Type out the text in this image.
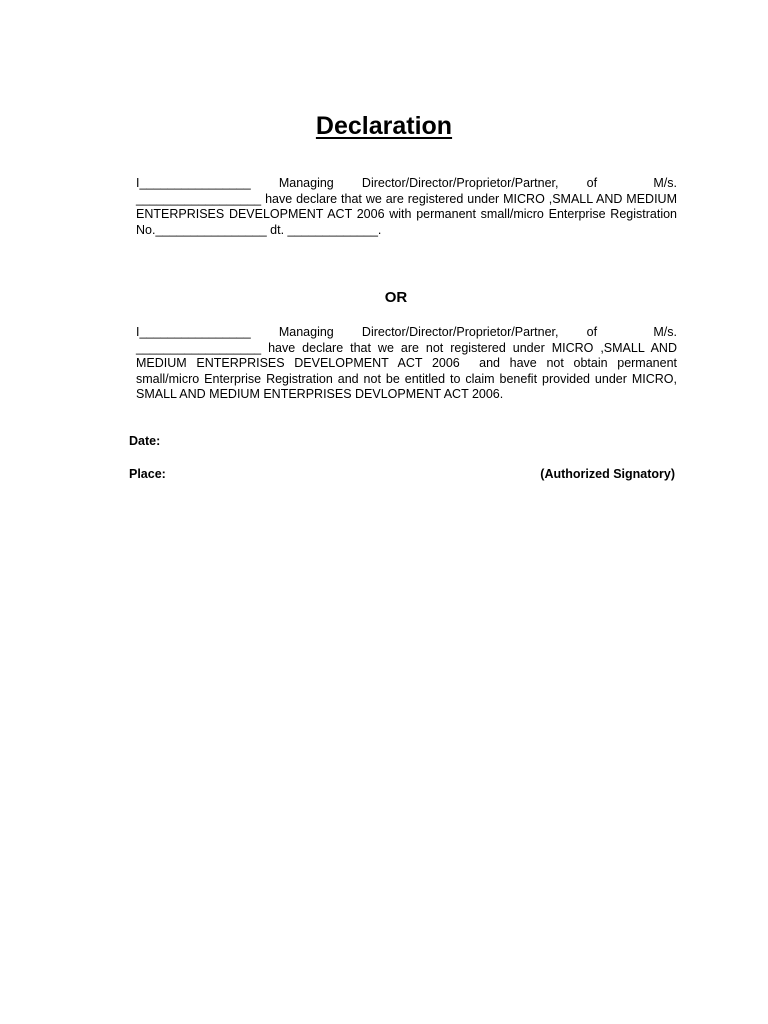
Declaration

I________________ Managing Director/Director/Proprietor/Partner, of  M/s. __________________ have declare that we are registered under MICRO ,SMALL AND MEDIUM ENTERPRISES DEVELOPMENT ACT 2006 with permanent small/micro Enterprise Registration No.________________ dt. _____________.

OR

I________________ Managing Director/Director/Proprietor/Partner, of  M/s. __________________ have declare that we are not registered under MICRO ,SMALL AND MEDIUM ENTERPRISES DEVELOPMENT ACT 2006  and have not obtain permanent small/micro Enterprise Registration and not be entitled to claim benefit provided under MICRO, SMALL AND MEDIUM ENTERPRISES DEVLOPMENT ACT 2006.

Date:
Place:	(Authorized Signatory)
